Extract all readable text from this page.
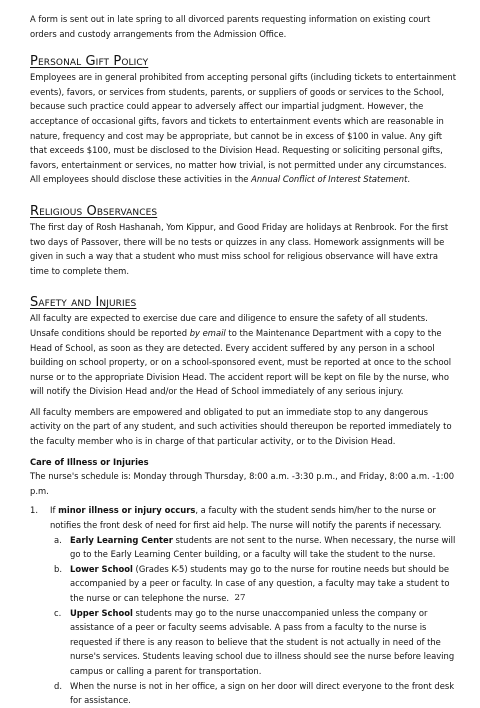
A form is sent out in late spring to all divorced parents requesting information on existing court orders and custody arrangements from the Admission Office.

Personal Gift Policy

Employees are in general prohibited from accepting personal gifts (including tickets to entertainment events), favors, or services from students, parents, or suppliers of goods or services to the School, because such practice could appear to adversely affect our impartial judgment. However, the acceptance of occasional gifts, favors and tickets to entertainment events which are reasonable in nature, frequency and cost may be appropriate, but cannot be in excess of $100 in value. Any gift that exceeds $100, must be disclosed to the Division Head. Requesting or soliciting personal gifts, favors, entertainment or services, no matter how trivial, is not permitted under any circumstances. All employees should disclose these activities in the Annual Conflict of Interest Statement.

Religious Observances

The first day of Rosh Hashanah, Yom Kippur, and Good Friday are holidays at Renbrook. For the first two days of Passover, there will be no tests or quizzes in any class. Homework assignments will be given in such a way that a student who must miss school for religious observance will have extra time to complete them.

Safety and Injuries

All faculty are expected to exercise due care and diligence to ensure the safety of all students. Unsafe conditions should be reported by email to the Maintenance Department with a copy to the Head of School, as soon as they are detected. Every accident suffered by any person in a school building on school property, or on a school-sponsored event, must be reported at once to the school nurse or to the appropriate Division Head. The accident report will be kept on file by the nurse, who will notify the Division Head and/or the Head of School immediately of any serious injury.

All faculty members are empowered and obligated to put an immediate stop to any dangerous activity on the part of any student, and such activities should thereupon be reported immediately to the faculty member who is in charge of that particular activity, or to the Division Head.

Care of Illness or Injuries

The nurse's schedule is: Monday through Thursday, 8:00 a.m. -3:30 p.m., and Friday, 8:00 a.m. -1:00 p.m.

1. If minor illness or injury occurs, a faculty with the student sends him/her to the nurse or notifies the front desk of need for first aid help. The nurse will notify the parents if necessary.
a. Early Learning Center students are not sent to the nurse. When necessary, the nurse will go to the Early Learning Center building, or a faculty will take the student to the nurse.
b. Lower School (Grades K-5) students may go to the nurse for routine needs but should be accompanied by a peer or faculty. In case of any question, a faculty may take a student to the nurse or can telephone the nurse.
c. Upper School students may go to the nurse unaccompanied unless the company or assistance of a peer or faculty seems advisable. A pass from a faculty to the nurse is requested if there is any reason to believe that the student is not actually in need of the nurse's services. Students leaving school due to illness should see the nurse before leaving campus or calling a parent for transportation.
d. When the nurse is not in her office, a sign on her door will direct everyone to the front desk for assistance.
27
